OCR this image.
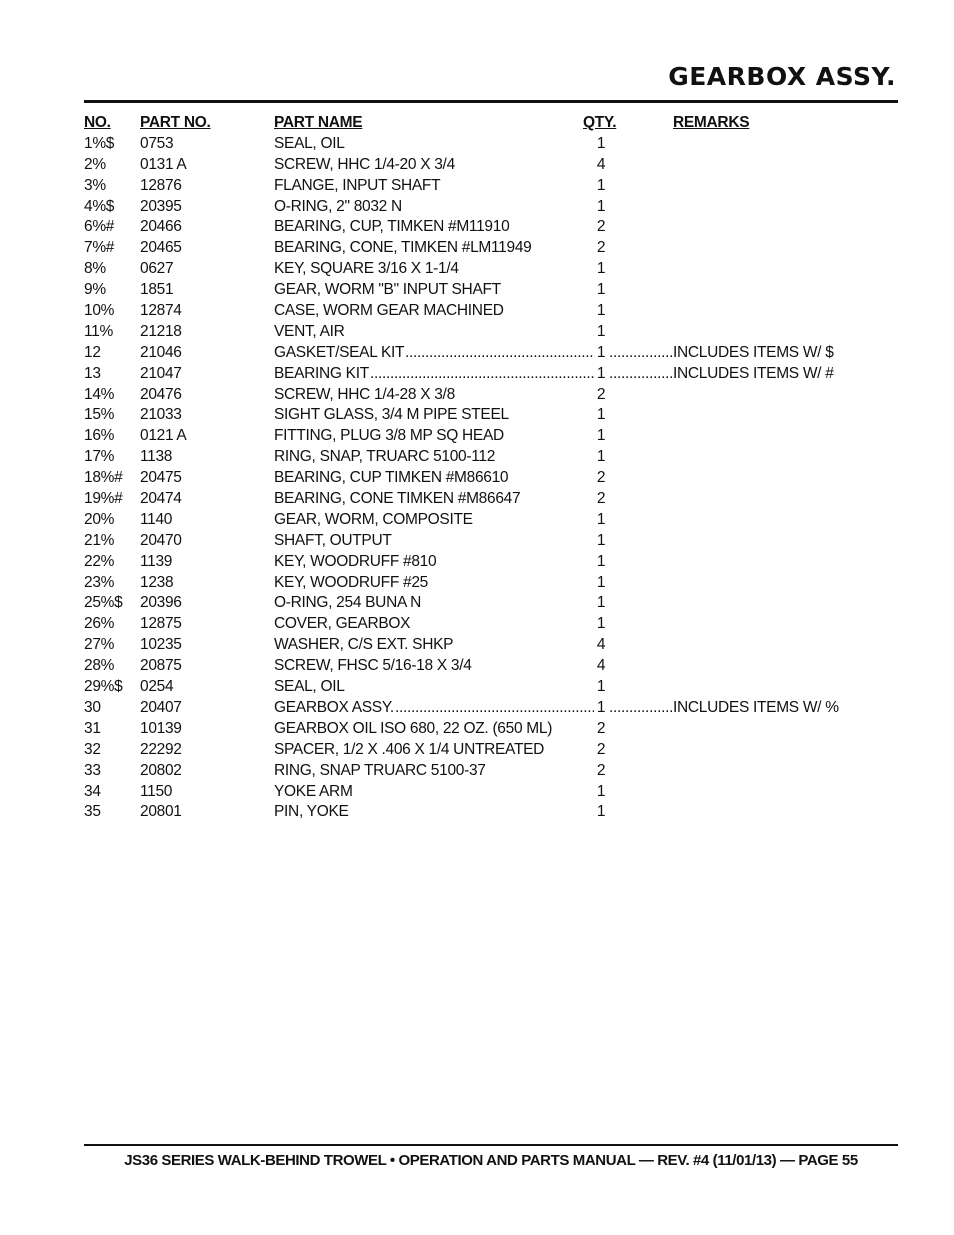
GEARBOX ASSY.
NO. PART NO.	PART NAME	QTY.	REMARKS
1%$ 0753	SEAL, OIL	1
2% 0131 A	SCREW, HHC 1/4-20 X 3/4	4
3% 12876	FLANGE, INPUT SHAFT	1
4%$ 20395	O-RING, 2" 8032 N	1
6%# 20466	BEARING, CUP, TIMKEN #M11910	2
7%# 20465	BEARING, CONE, TIMKEN #LM11949	2
8% 0627	KEY, SQUARE 3/16 X 1-1/4	1
9% 1851	GEAR, WORM "B" INPUT SHAFT	1
10% 12874	CASE, WORM GEAR MACHINED	1
11% 21218	VENT, AIR	1
12	21046	GASKET/SEAL KIT	1	INCLUDES ITEMS W/ $
.....
.....
13	21047	BEARING KIT	1	INCLUDES ITEMS W/ #
.....
.....
14% 20476	SCREW, HHC 1/4-28 X 3/8	2
15% 21033	SIGHT GLASS, 3/4 M PIPE STEEL	1
16% 0121 A	FITTING, PLUG 3/8 MP SQ HEAD	1
17% 1138	RING, SNAP, TRUARC 5100-112	1
18%# 20475	BEARING, CUP TIMKEN #M86610	2
19%# 20474	BEARING, CONE TIMKEN #M86647	2
20% 1140	GEAR, WORM, COMPOSITE	1
21% 20470	SHAFT, OUTPUT	1
22% 1139	KEY, WOODRUFF #810	1
23% 1238	KEY, WOODRUFF #25	1
25%$ 20396	O-RING, 254 BUNA N	1
26% 12875	COVER, GEARBOX	1
27% 10235	WASHER, C/S EXT. SHKP	4
28% 20875	SCREW, FHSC 5/16-18 X 3/4	4
29%$ 0254	SEAL, OIL	1
30	20407	GEARBOX ASSY.	1	INCLUDES ITEMS W/ %
.....
.....
31	10139	GEARBOX OIL ISO 680, 22 OZ. (650 ML)	2
32	22292	SPACER, 1/2 X .406 X 1/4 UNTREATED	2
33	20802	RING, SNAP TRUARC 5100-37	2
34	1150	YOKE ARM	1
35	20801	PIN, YOKE	1

JS36 SERIES WALK-BEHIND TROWEL • OPERATION AND PARTS MANUAL — REV. #4 (11/01/13) — PAGE 55
